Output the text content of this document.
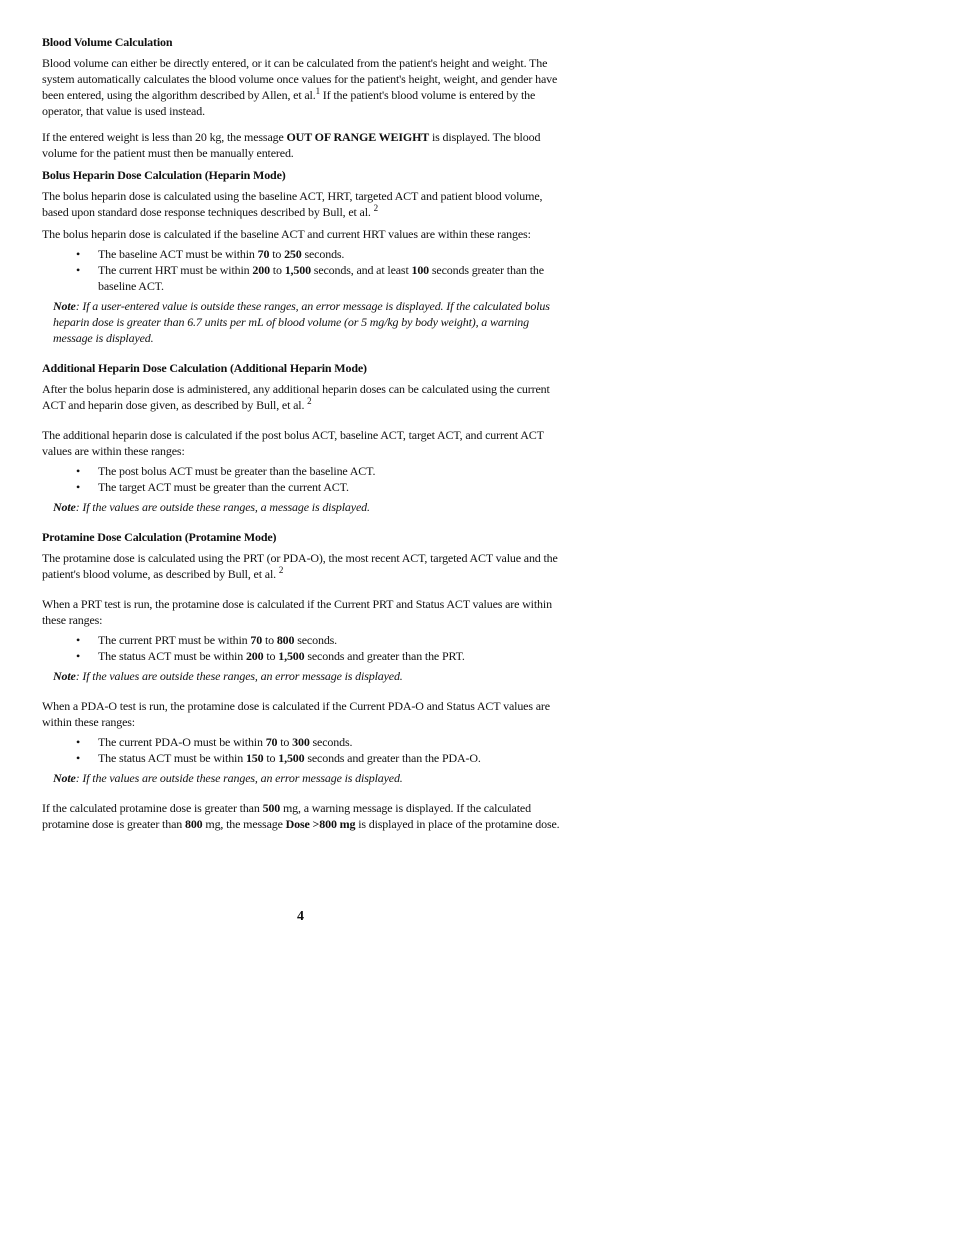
Blood Volume Calculation

Blood volume can either be directly entered, or it can be calculated from the patient's height and weight. The system automatically calculates the blood volume once values for the patient's height, weight, and gender have been entered, using the algorithm described by Allen, et al.$^1$ If the patient's blood volume is entered by the operator, that value is used instead.

If the entered weight is less than 20 kg, the message OUT OF RANGE WEIGHT is displayed. The blood volume for the patient must then be manually entered.

Bolus Heparin Dose Calculation (Heparin Mode)

The bolus heparin dose is calculated using the baseline ACT, HRT, targeted ACT and patient blood volume, based upon standard dose response techniques described by Bull, et al. $^2$

The bolus heparin dose is calculated if the baseline ACT and current HRT values are within these ranges:

• The baseline ACT must be within 70 to 250 seconds.
• The current HRT must be within 200 to 1,500 seconds, and at least 100 seconds greater than the baseline ACT.

Note: If a user-entered value is outside these ranges, an error message is displayed. If the calculated bolus heparin dose is greater than 6.7 units per mL of blood volume (or 5 mg/kg by body weight), a warning message is displayed.

Additional Heparin Dose Calculation (Additional Heparin Mode)

After the bolus heparin dose is administered, any additional heparin doses can be calculated using the current ACT and heparin dose given, as described by Bull, et al. $^2$

The additional heparin dose is calculated if the post bolus ACT, baseline ACT, target ACT, and current ACT values are within these ranges:

• The post bolus ACT must be greater than the baseline ACT.
• The target ACT must be greater than the current ACT.

Note: If the values are outside these ranges, a message is displayed.

Protamine Dose Calculation (Protamine Mode)

The protamine dose is calculated using the PRT (or PDA-O), the most recent ACT, targeted ACT value and the patient's blood volume, as described by Bull, et al. $^2$

When a PRT test is run, the protamine dose is calculated if the Current PRT and Status ACT values are within these ranges:

• The current PRT must be within 70 to 800 seconds.
• The status ACT must be within 200 to 1,500 seconds and greater than the PRT.

Note: If the values are outside these ranges, an error message is displayed.

When a PDA-O test is run, the protamine dose is calculated if the Current PDA-O and Status ACT values are within these ranges:

• The current PDA-O must be within 70 to 300 seconds.
• The status ACT must be within 150 to 1,500 seconds and greater than the PDA-O.

Note: If the values are outside these ranges, an error message is displayed.

If the calculated protamine dose is greater than 500 mg, a warning message is displayed. If the calculated protamine dose is greater than 800 mg, the message Dose >800 mg is displayed in place of the protamine dose.

4
